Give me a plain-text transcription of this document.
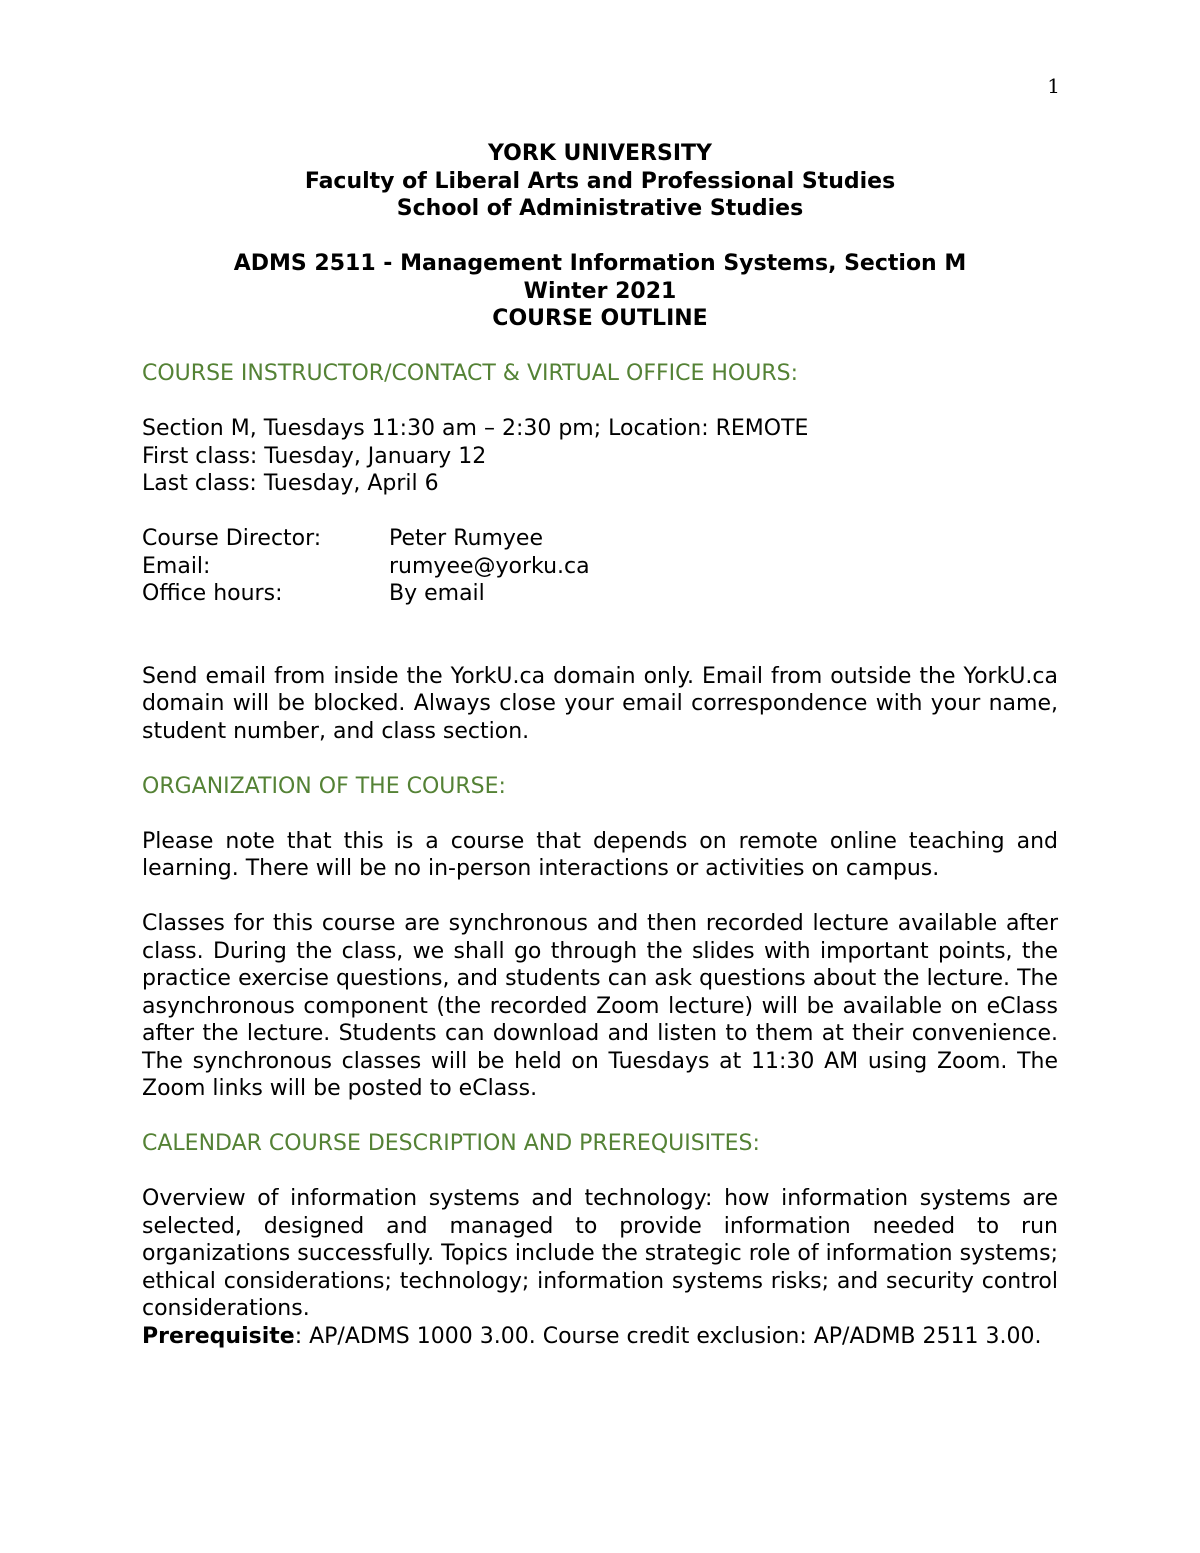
1
YORK UNIVERSITY
Faculty of Liberal Arts and Professional Studies
School of Administrative Studies
ADMS 2511 - Management Information Systems, Section M
Winter 2021
COURSE OUTLINE
COURSE INSTRUCTOR/CONTACT & VIRTUAL OFFICE HOURS:
Section M, Tuesdays 11:30 am – 2:30 pm; Location: REMOTE
First class: Tuesday, January 12
Last class: Tuesday, April 6
Course Director:	Peter Rumyee
Email:	rumyee@yorku.ca
Office hours:	By email

Send email from inside the YorkU.ca domain only. Email from outside the YorkU.ca domain will be blocked. Always close your email correspondence with your name, student number, and class section.

ORGANIZATION OF THE COURSE:

Please note that this is a course that depends on remote online teaching and learning. There will be no in-person interactions or activities on campus.

Classes for this course are synchronous and then recorded lecture available after class. During the class, we shall go through the slides with important points, the practice exercise questions, and students can ask questions about the lecture. The asynchronous component (the recorded Zoom lecture) will be available on eClass after the lecture. Students can download and listen to them at their convenience. The synchronous classes will be held on Tuesdays at 11:30 AM using Zoom. The Zoom links will be posted to eClass.

CALENDAR COURSE DESCRIPTION AND PREREQUISITES:

Overview of information systems and technology: how information systems are selected, designed and managed to provide information needed to run organizations successfully. Topics include the strategic role of information systems; ethical considerations; technology; information systems risks; and security control considerations.

Prerequisite: AP/ADMS 1000 3.00. Course credit exclusion: AP/ADMB 2511 3.00.
